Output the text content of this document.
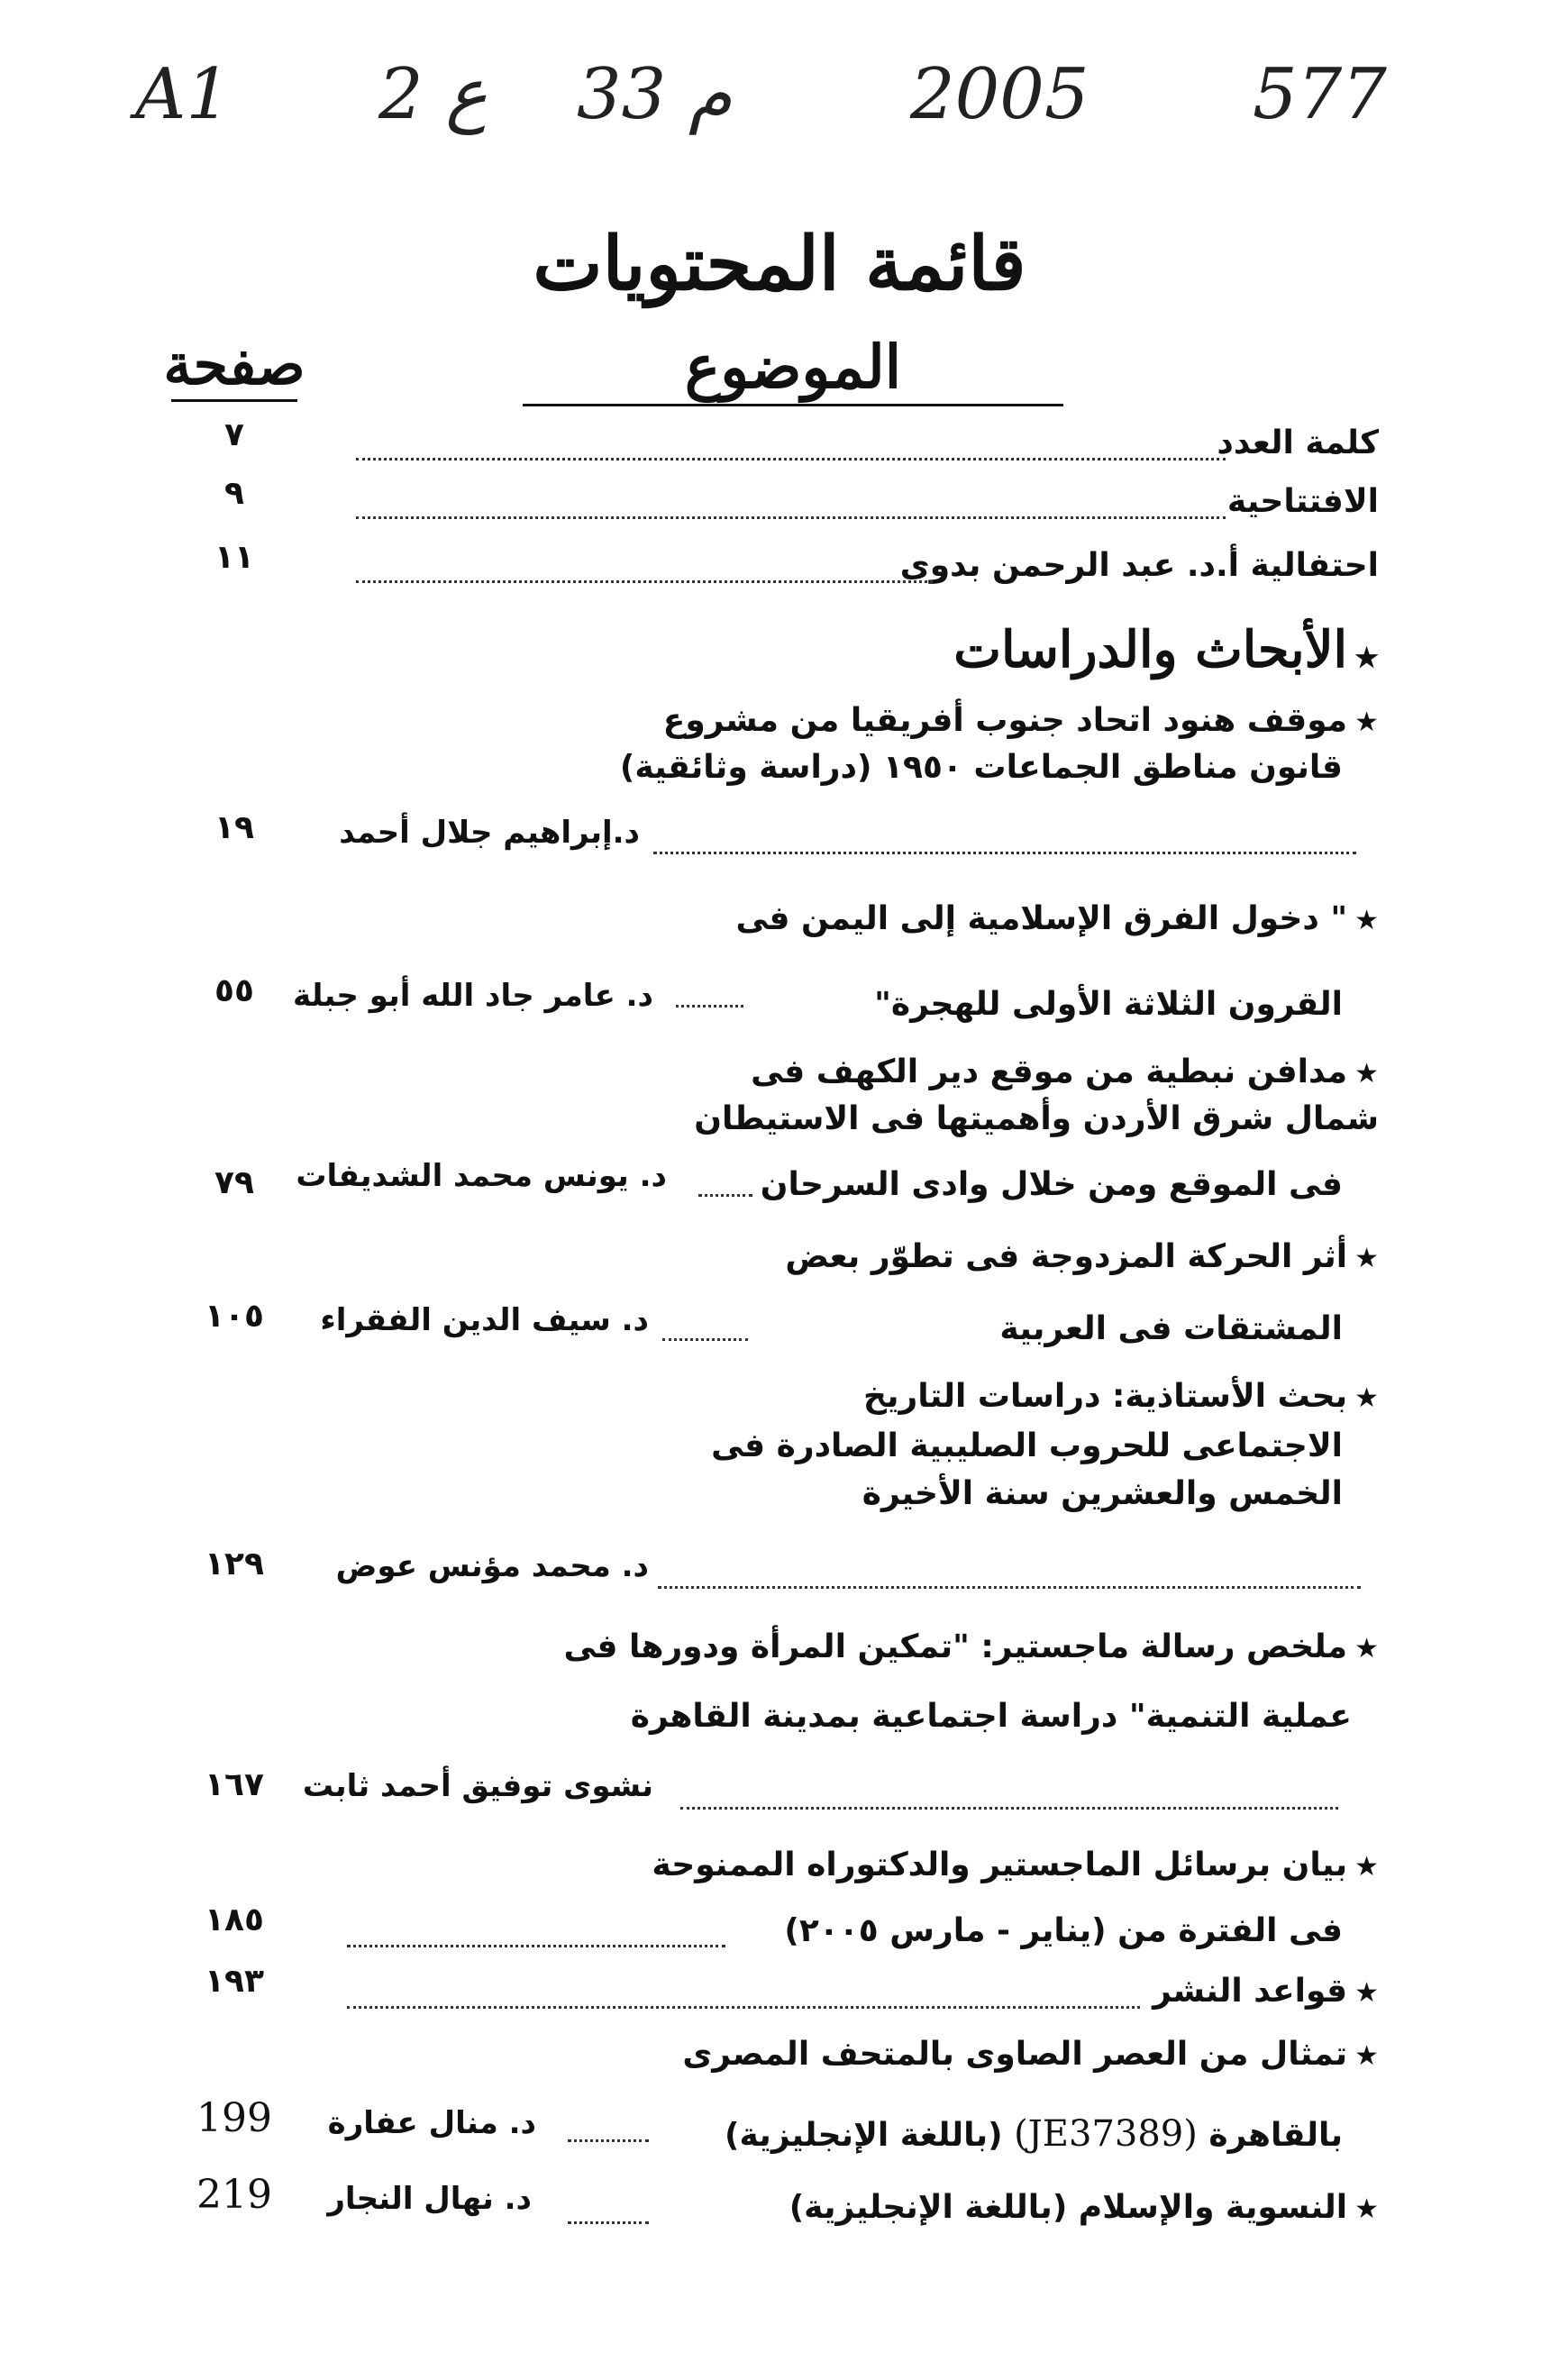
A1 2 ع 33 م	2005 577
قائمة المحتويات
الموضوع
صفحة
كلمة العدد
٧
الافتتاحية
٩
احتفالية أ.د. عبد الرحمن بدوى
١١
★الأبحاث والدراسات
★موقف هنود اتحاد جنوب أفريقيا من مشروع
قانون مناطق الجماعات ١٩٥٠ (دراسة وثائقية)
د.إبراهيم جلال أحمد
١٩
★" دخول الفرق الإسلامية إلى اليمن فى
القرون الثلاثة الأولى للهجرة"
د. عامر جاد الله أبو جبلة
٥٥
★مدافن نبطية من موقع دير الكهف فى
شمال شرق الأردن وأهميتها فى الاستيطان
فى الموقع ومن خلال وادى السرحان
د. يونس محمد الشديفات
٧٩
★أثر الحركة المزدوجة فى تطوّر بعض
المشتقات فى العربية
د. سيف الدين الفقراء
١٠٥
★بحث الأستاذية: دراسات التاريخ
الاجتماعى للحروب الصليبية الصادرة فى
الخمس والعشرين سنة الأخيرة
د. محمد مؤنس عوض
١٢٩
★ملخص رسالة ماجستير: "تمكين المرأة ودورها فى
عملية التنمية" دراسة اجتماعية بمدينة القاهرة
نشوى توفيق أحمد ثابت
١٦٧
★بيان برسائل الماجستير والدكتوراه الممنوحة
فى الفترة من (يناير - مارس ٢٠٠٥)
١٨٥
★قواعد النشر
١٩٣
★تمثال من العصر الصاوى بالمتحف المصرى
بالقاهرة (JE37389) (باللغة الإنجليزية)
د. منال عفارة
199
★النسوية والإسلام (باللغة الإنجليزية)
د. نهال النجار
219
